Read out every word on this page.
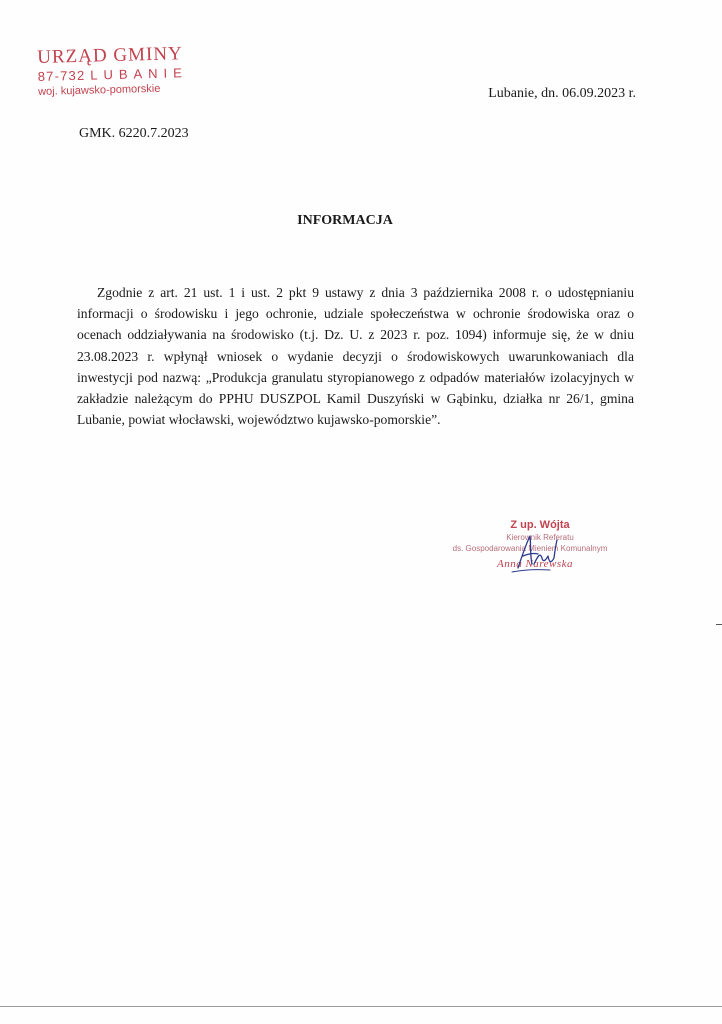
URZĄD GMINY
87-732 LUBANIE
woj. kujawsko-pomorskie	Lubanie, dn. 06.09.2023 r.
GMK. 6220.7.2023
INFORMACJA

Zgodnie z art. 21 ust. 1 i ust. 2 pkt 9 ustawy z dnia 3 października 2008 r. o udostępnianiu informacji o środowisku i jego ochronie, udziale społeczeństwa w ochronie środowiska oraz o ocenach oddziaływania na środowisko (t.j. Dz. U. z 2023 r. poz. 1094) informuje się, że w dniu 23.08.2023 r. wpłynął wniosek o wydanie decyzji o środowiskowych uwarunkowaniach dla inwestycji pod nazwą: „Produkcja granulatu styropianowego z odpadów materiałów izolacyjnych w zakładzie należącym do PPHU DUSZPOL Kamil Duszyński w Gąbinku, działka nr 26/1, gmina Lubanie, powiat włocławski, województwo kujawsko-pomorskie”.

Z up. Wójta
Kierownik Referatu
ds. Gospodarowania Mieniem Komunalnym
Anna Narewska
